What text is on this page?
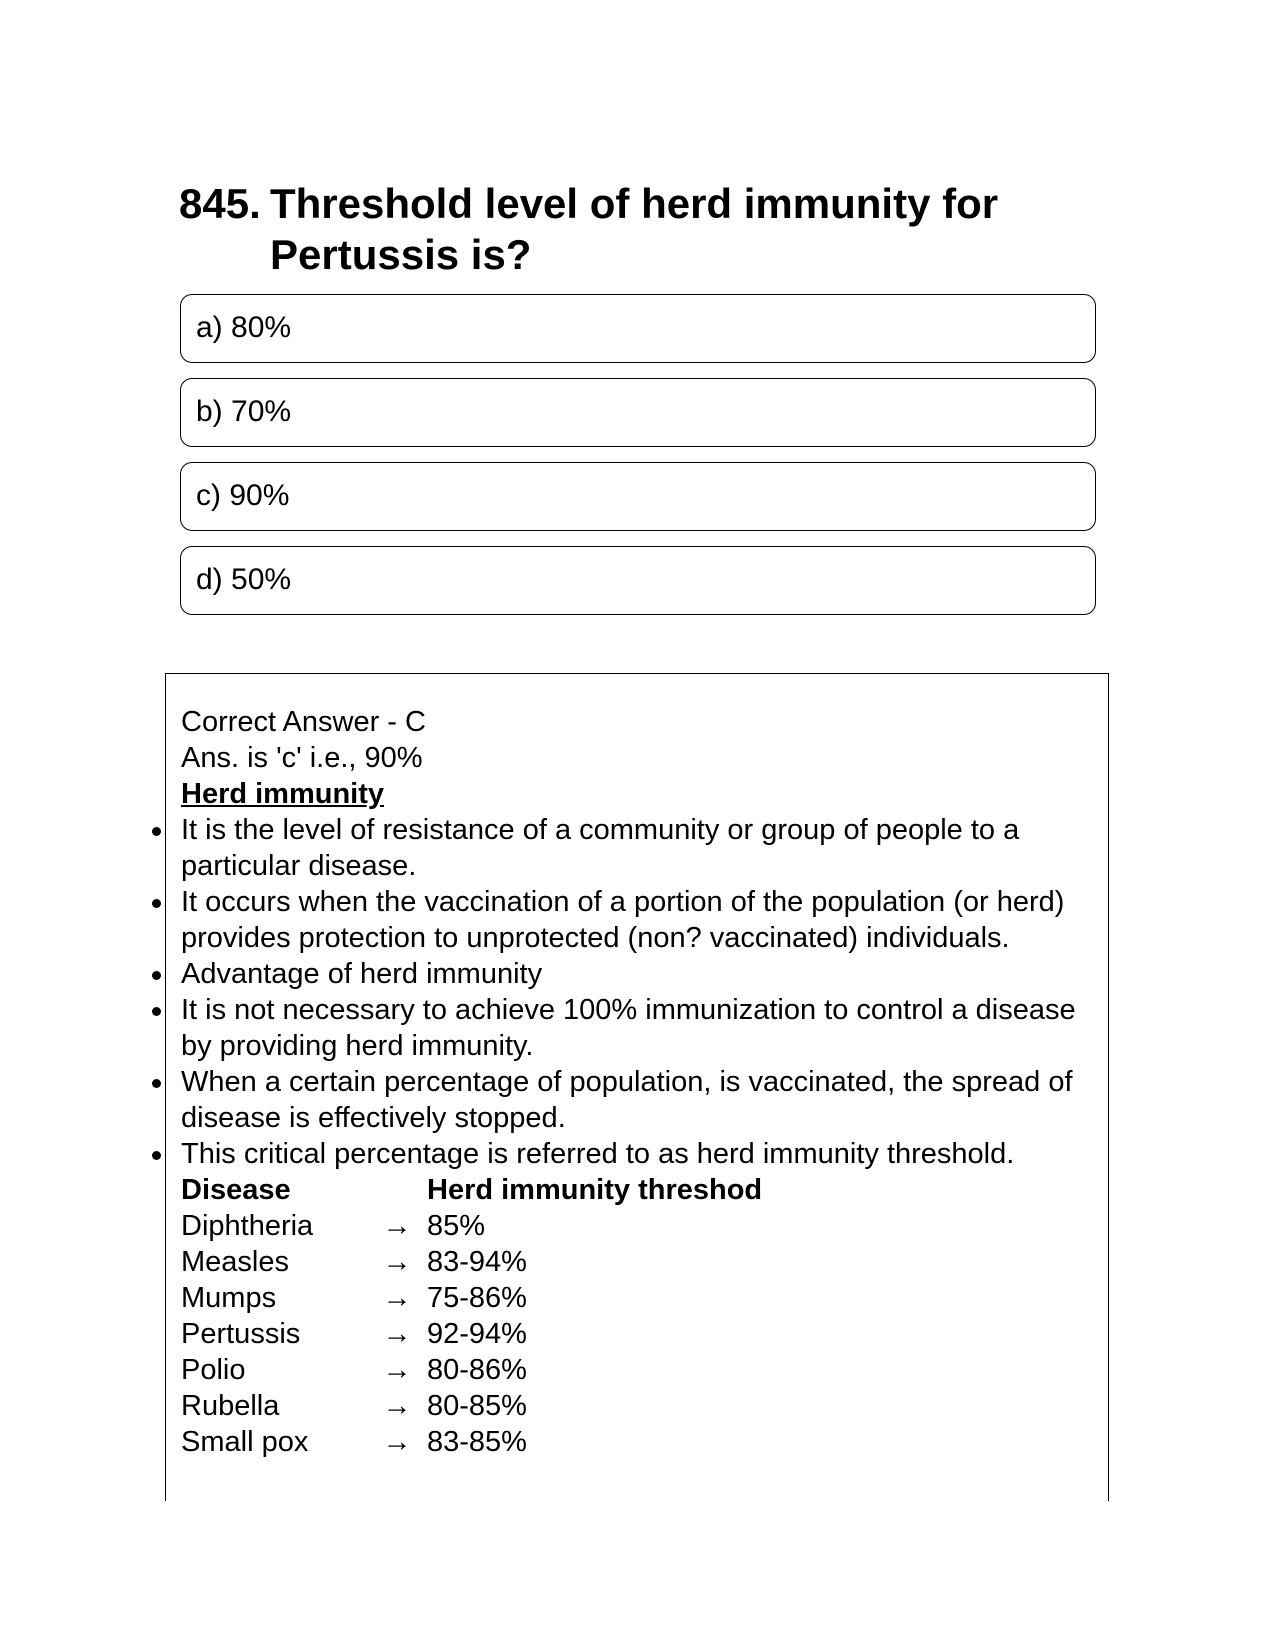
845. Threshold level of herd immunity for Pertussis is?
a) 80%
b) 70%
c) 90%
d) 50%

Correct Answer - C

Ans. is 'c' i.e., 90%

Herd immunity

It is the level of resistance of a community or group of people to a particular disease.
It occurs when the vaccination of a portion of the population (or herd) provides protection to unprotected (non? vaccinated) individuals.
Advantage of herd immunity
It is not necessary to achieve 100% immunization to control a disease by providing herd immunity.
When a certain percentage of population, is vaccinated, the spread of disease is effectively stopped.
This critical percentage is referred to as herd immunity threshold.
Disease	Herd immunity threshod
Diphtheria	→ 85%
Measles	→ 83-94%
Mumps	→ 75-86%
Pertussis	→ 92-94%
Polio	→ 80-86%
Rubella	→ 80-85%
Small pox	→ 83-85%
